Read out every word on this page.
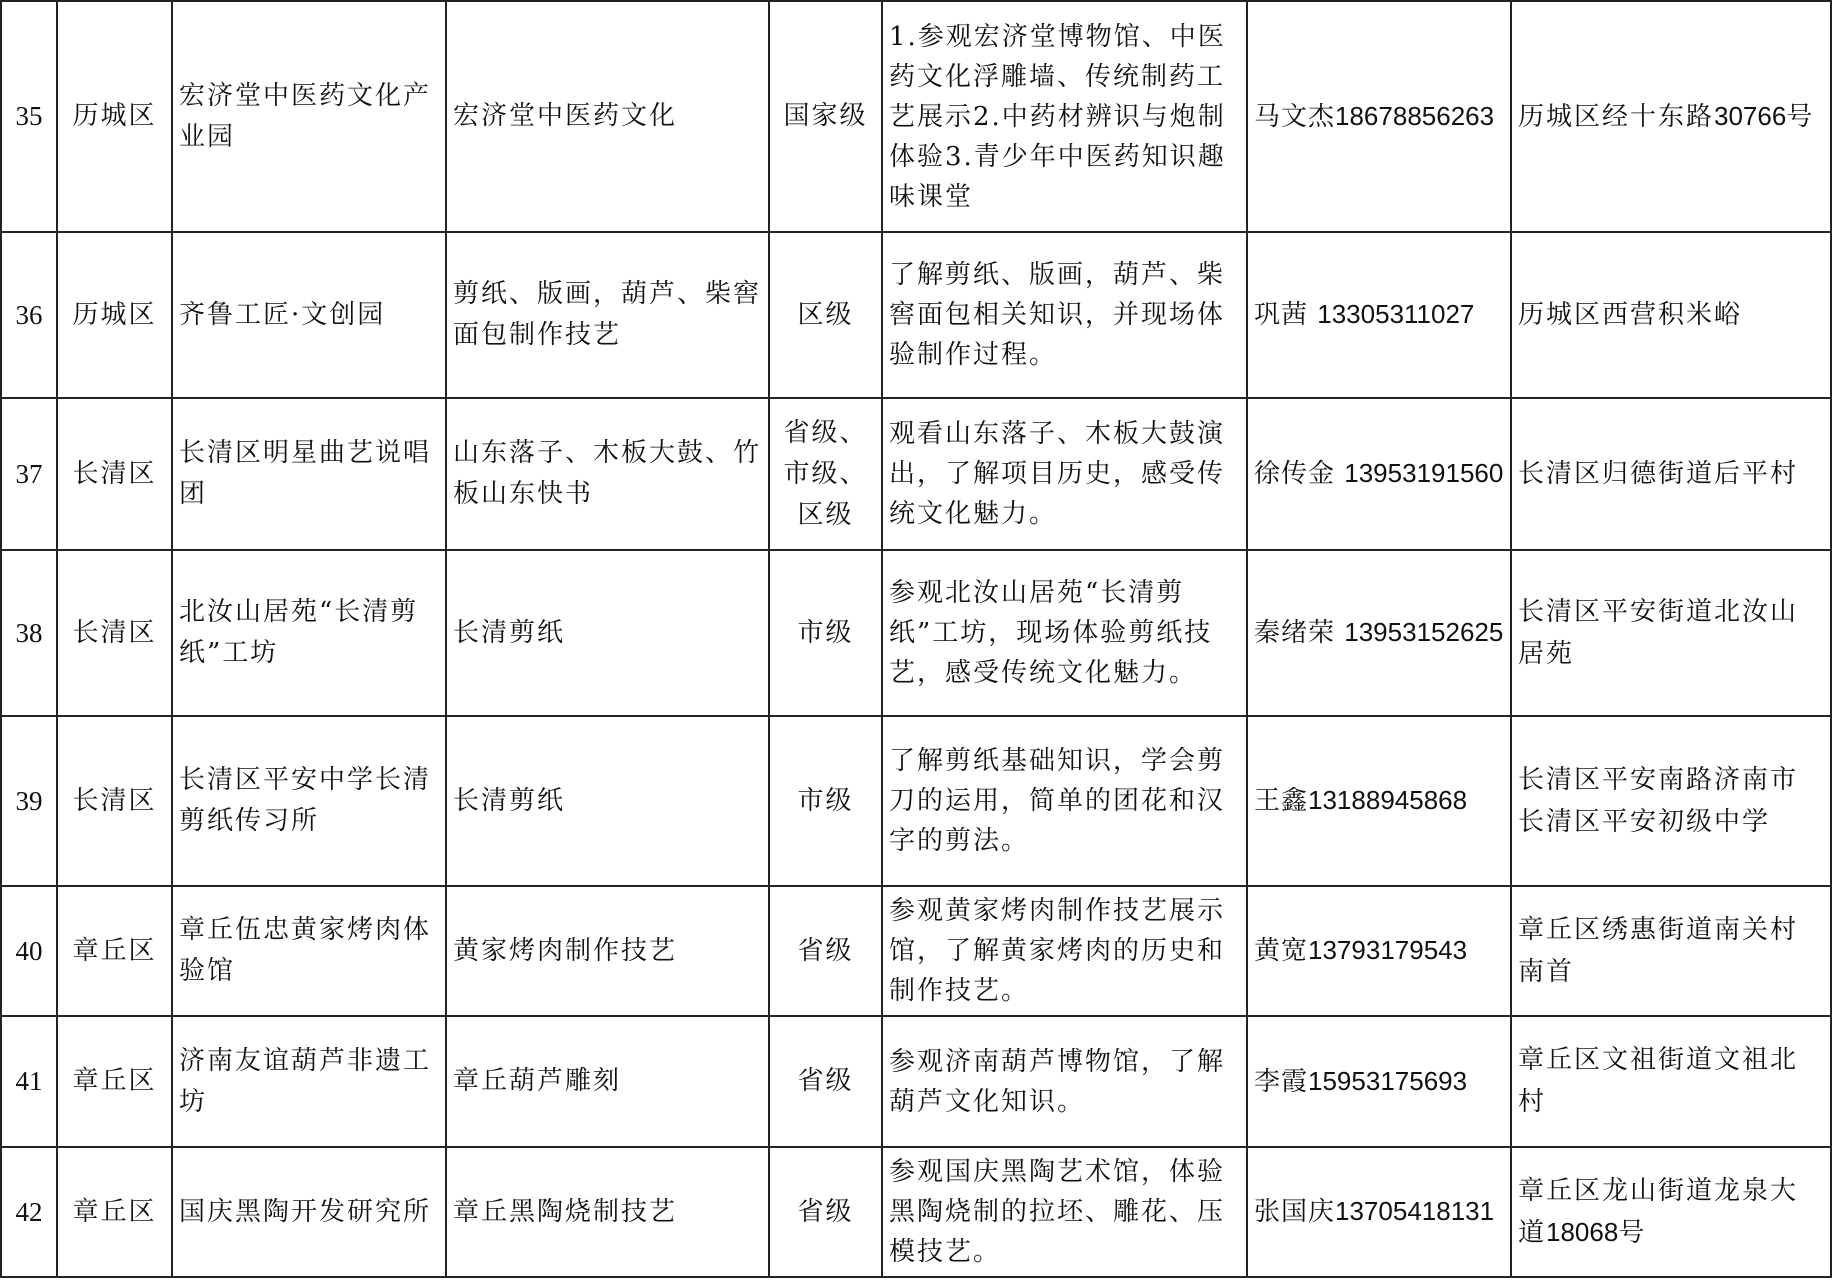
35	历城区	宏济堂中医药文化产业园	宏济堂中医药文化	国家级	1.参观宏济堂博物馆、中医药文化浮雕墙、传统制药工艺展示2.中药材辨识与炮制体验3.青少年中医药知识趣味课堂	马文杰18678856263	历城区经十东路30766号
36	历城区	齐鲁工匠·文创园	剪纸、版画，葫芦、柴窖面包制作技艺	区级	了解剪纸、版画，葫芦、柴窖面包相关知识，并现场体验制作过程。	巩茜 13305311027	历城区西营积米峪
37	长清区	长清区明星曲艺说唱团	山东落子、木板大鼓、竹板山东快书	省级、市级、区级	观看山东落子、木板大鼓演出，了解项目历史，感受传统文化魅力。	徐传金 13953191560	长清区归德街道后平村
38	长清区	北汝山居苑“长清剪纸”工坊	长清剪纸	市级	参观北汝山居苑“长清剪纸”工坊，现场体验剪纸技艺，感受传统文化魅力。	秦绪荣 13953152625	长清区平安街道北汝山居苑
39	长清区	长清区平安中学长清剪纸传习所	长清剪纸	市级	了解剪纸基础知识，学会剪刀的运用，简单的团花和汉字的剪法。	王鑫13188945868	长清区平安南路济南市长清区平安初级中学
40	章丘区	章丘伍忠黄家烤肉体验馆	黄家烤肉制作技艺	省级	参观黄家烤肉制作技艺展示馆，了解黄家烤肉的历史和制作技艺。	黄宽13793179543	章丘区绣惠街道南关村南首
41	章丘区	济南友谊葫芦非遗工坊	章丘葫芦雕刻	省级	参观济南葫芦博物馆，了解葫芦文化知识。	李霞15953175693	章丘区文祖街道文祖北村
42	章丘区	国庆黑陶开发研究所	章丘黑陶烧制技艺	省级	参观国庆黑陶艺术馆，体验黑陶烧制的拉坯、雕花、压模技艺。	张国庆13705418131	章丘区龙山街道龙泉大道18068号
